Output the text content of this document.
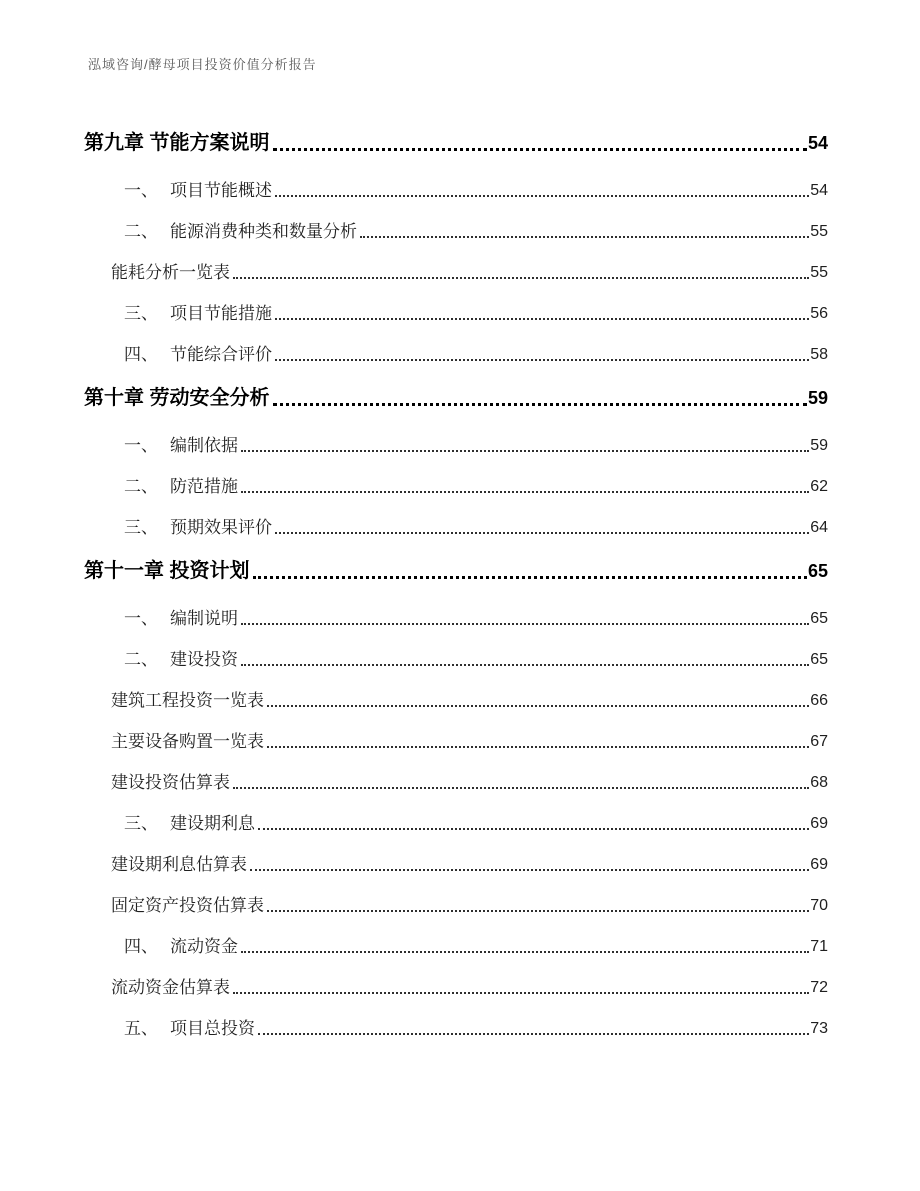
泓域咨询/酵母项目投资价值分析报告
第九章 节能方案说明	54
一、 项目节能概述	54
二、 能源消费种类和数量分析	55
能耗分析一览表	55
三、 项目节能措施	56
四、 节能综合评价	58
第十章 劳动安全分析	59
一、 编制依据	59
二、 防范措施	62
三、 预期效果评价	64
第十一章 投资计划	65
一、 编制说明	65
二、 建设投资	65
建筑工程投资一览表	66
主要设备购置一览表	67
建设投资估算表	68
三、 建设期利息	69
建设期利息估算表	69
固定资产投资估算表	70
四、 流动资金	71
流动资金估算表	72
五、 项目总投资	73
